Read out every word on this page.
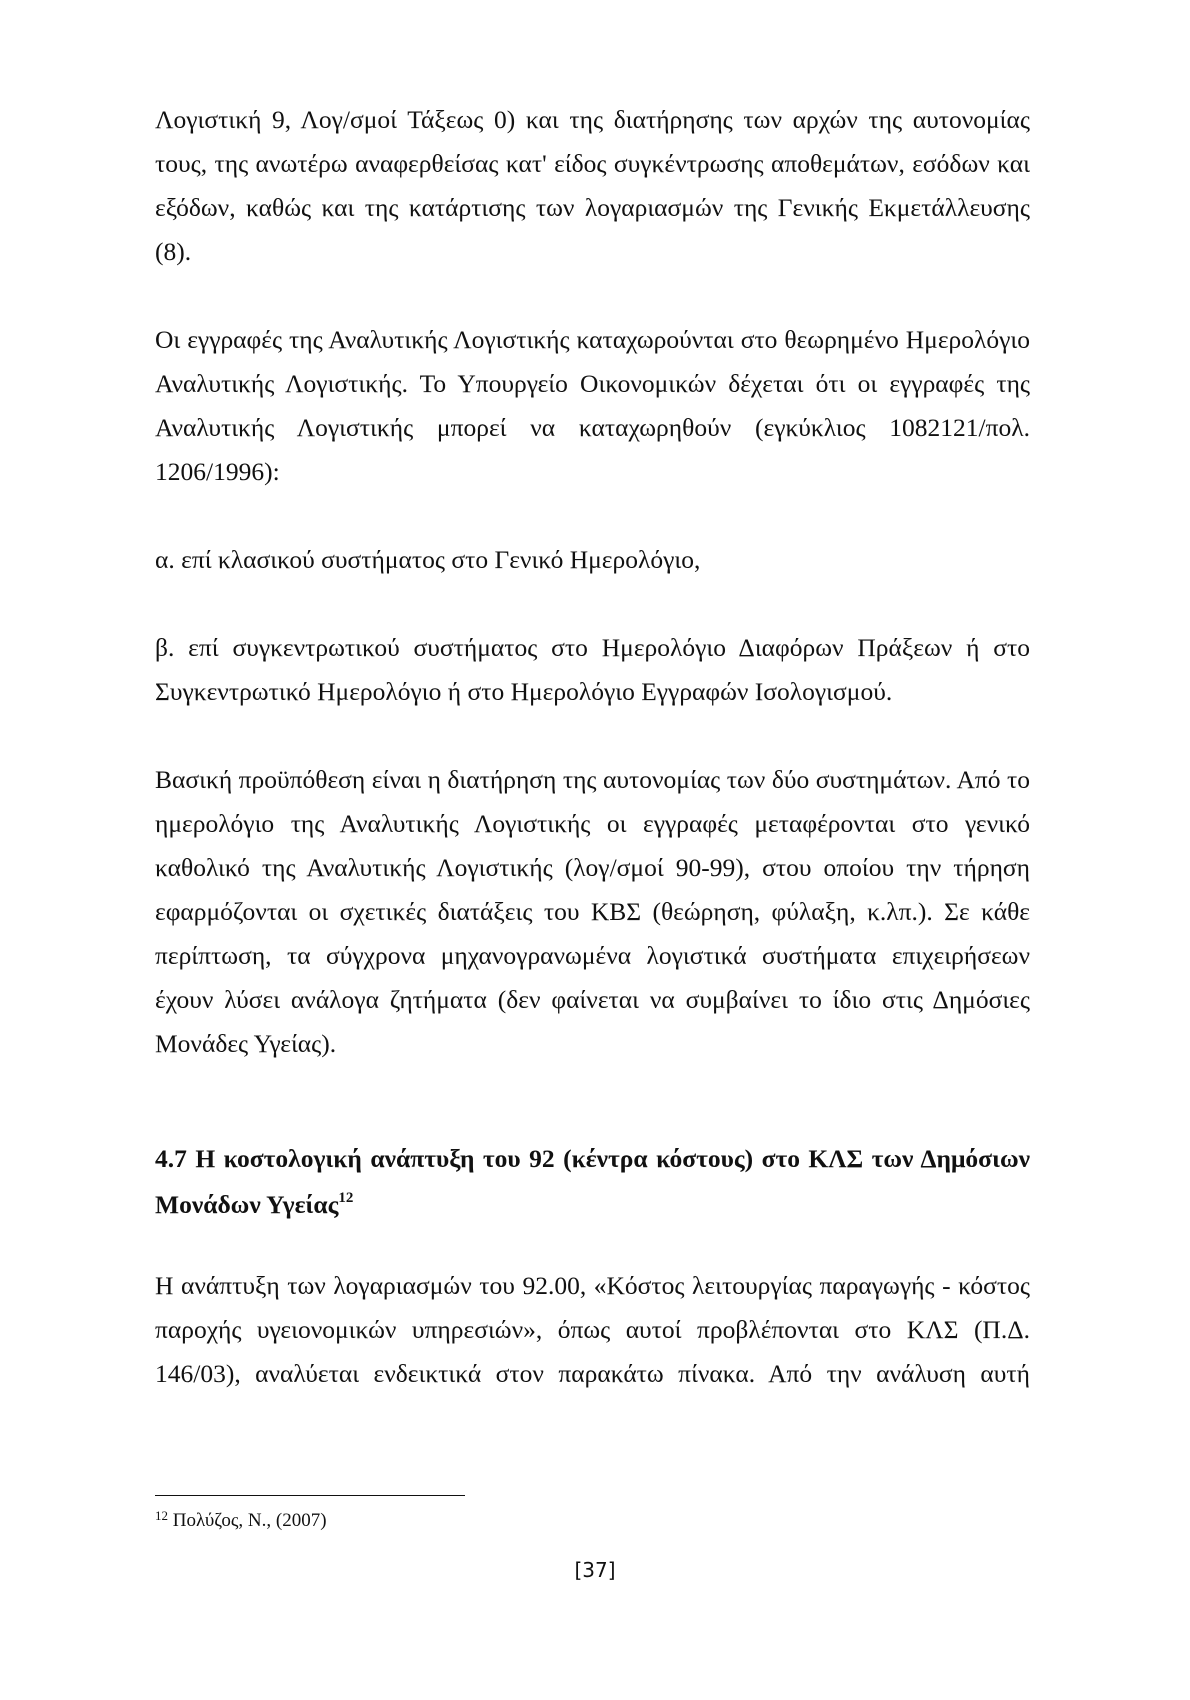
Λογιστική 9, Λογ/σμοί Τάξεως 0) και της διατήρησης των αρχών της αυτονομίας
τους, της ανωτέρω αναφερθείσας κατ' είδος συγκέντρωσης αποθεμάτων, εσόδων και
εξόδων, καθώς και της κατάρτισης των λογαριασμών της Γενικής Εκμετάλλευσης
(8).

Οι εγγραφές της Αναλυτικής Λογιστικής καταχωρούνται στο θεωρημένο Ημερολόγιο
Αναλυτικής Λογιστικής. Το Υπουργείο Οικονομικών δέχεται ότι οι εγγραφές της
Αναλυτικής Λογιστικής μπορεί να καταχωρηθούν (εγκύκλιος 1082121/πολ.
1206/1996):

α. επί κλασικού συστήματος στο Γενικό Ημερολόγιο,

β. επί συγκεντρωτικού συστήματος στο Ημερολόγιο Διαφόρων Πράξεων ή στο
Συγκεντρωτικό Ημερολόγιο ή στο Ημερολόγιο Εγγραφών Ισολογισμού.

Βασική προϋπόθεση είναι η διατήρηση της αυτονομίας των δύο συστημάτων. Από το
ημερολόγιο της Αναλυτικής Λογιστικής οι εγγραφές μεταφέρονται στο γενικό
καθολικό της Αναλυτικής Λογιστικής (λογ/σμοί 90-99), στου οποίου την τήρηση
εφαρμόζονται οι σχετικές διατάξεις του ΚΒΣ (θεώρηση, φύλαξη, κ.λπ.). Σε κάθε
περίπτωση, τα σύγχρονα μηχανογρανωμένα λογιστικά συστήματα επιχειρήσεων
έχουν λύσει ανάλογα ζητήματα (δεν φαίνεται να συμβαίνει το ίδιο στις Δημόσιες
Μονάδες Υγείας).

4.7 Η κοστολογική ανάπτυξη του 92 (κέντρα κόστους) στο ΚΛΣ των Δημόσιων
Μονάδων Υγείας$^{12}$

Η ανάπτυξη των λογαριασμών του 92.00, «Κόστος λειτουργίας παραγωγής - κόστος
παροχής υγειονομικών υπηρεσιών», όπως αυτοί προβλέπονται στο ΚΛΣ (Π.Δ.
146/03), αναλύεται ενδεικτικά στον παρακάτω πίνακα. Από την ανάλυση αυτή

$^{12}$ Πολύζος, Ν., (2007)
[37]
